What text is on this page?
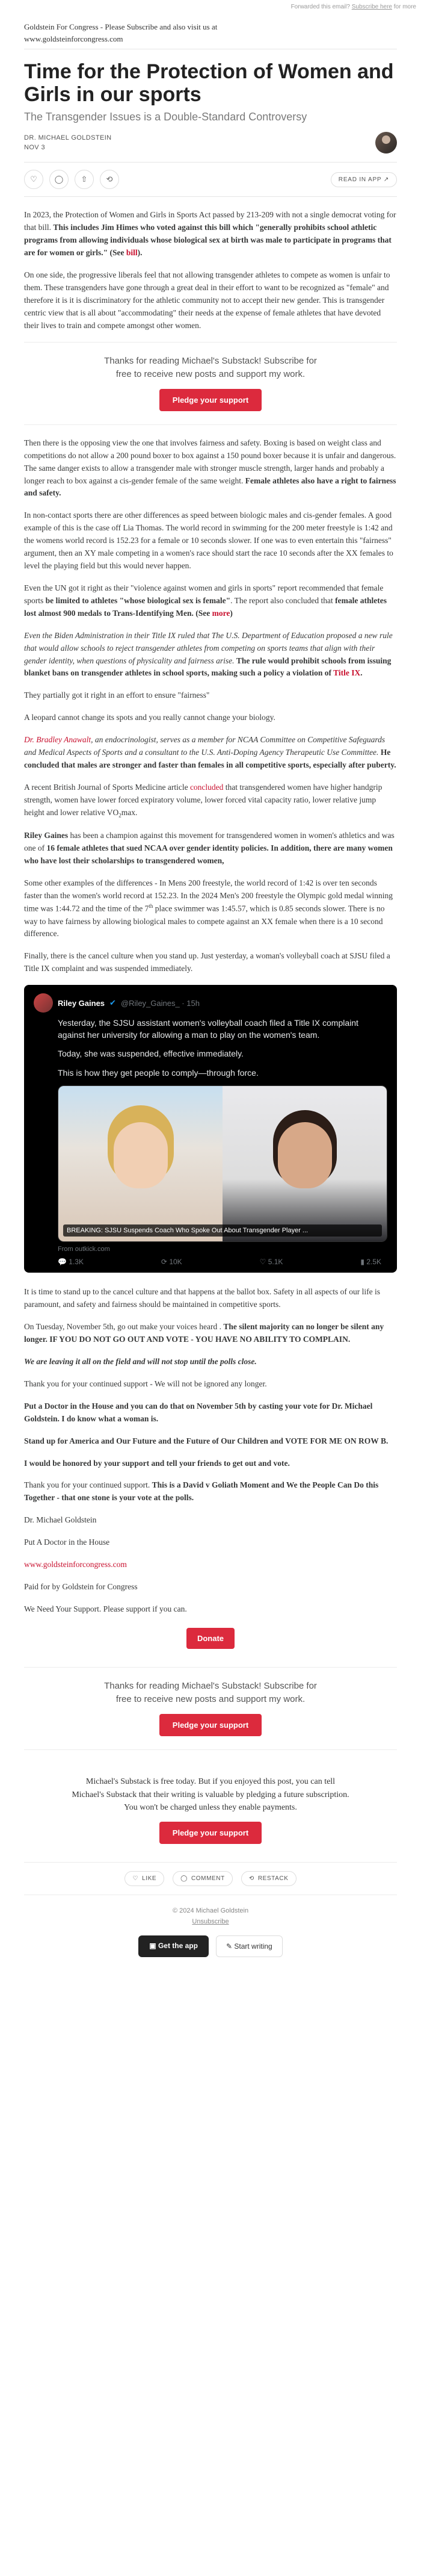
Forwarded this email? Subscribe here for more
Goldstein For Congress - Please Subscribe and also visit us at
www.goldsteinforcongress.com
Time for the Protection of Women and Girls in our sports
The Transgender Issues is a Double-Standard Controversy
DR. MICHAEL GOLDSTEIN
NOV 3
♡	◯	⇧	⟲	READ IN APP ↗

In 2023, the Protection of Women and Girls in Sports Act passed by 213-209 with not a single democrat voting for that bill. This includes Jim Himes who voted against this bill which "generally prohibits school athletic programs from allowing individuals whose biological sex at birth was male to participate in programs that are for women or girls." (See bill).

On one side, the progressive liberals feel that not allowing transgender athletes to compete as women is unfair to them. These transgenders have gone through a great deal in their effort to want to be recognized as "female" and therefore it is it is discriminatory for the athletic community not to accept their new gender. This is transgender centric view that is all about "accommodating" their needs at the expense of female athletes that have devoted their lives to train and compete amongst other women.

Thanks for reading Michael's Substack! Subscribe for free to receive new posts and support my work.
Pledge your support

Then there is the opposing view the one that involves fairness and safety. Boxing is based on weight class and competitions do not allow a 200 pound boxer to box against a 150 pound boxer because it is unfair and dangerous. The same danger exists to allow a transgender male with stronger muscle strength, larger hands and probably a longer reach to box against a cis-gender female of the same weight. Female athletes also have a right to fairness and safety.

In non-contact sports there are other differences as speed between biologic males and cis-gender females. A good example of this is the case off Lia Thomas. The world record in swimming for the 200 meter freestyle is 1:42 and the womens world record is 152.23 for a female or 10 seconds slower. If one was to even entertain this "fairness" argument, then an XY male competing in a women's race should start the race 10 seconds after the XX females to level the playing field but this would never happen.

Even the UN got it right as their "violence against women and girls in sports" report recommended that female sports be limited to athletes "whose biological sex is female". The report also concluded that female athletes lost almost 900 medals to Trans-Identifying Men. (See more)

Even the Biden Administration in their Title IX ruled that The U.S. Department of Education proposed a new rule that would allow schools to reject transgender athletes from competing on sports teams that align with their gender identity, when questions of physicality and fairness arise. The rule would prohibit schools from issuing blanket bans on transgender athletes in school sports, making such a policy a violation of Title IX.

They partially got it right in an effort to ensure "fairness"

A leopard cannot change its spots and you really cannot change your biology.

Dr. Bradley Anawalt, an endocrinologist, serves as a member for NCAA Committee on Competitive Safeguards and Medical Aspects of Sports and a consultant to the U.S. Anti-Doping Agency Therapeutic Use Committee. He concluded that males are stronger and faster than females in all competitive sports, especially after puberty.

A recent British Journal of Sports Medicine article concluded that transgendered women have higher handgrip strength, women have lower forced expiratory volume, lower forced vital capacity ratio, lower relative jump height and lower relative $VO_2\max$.

Riley Gaines has been a champion against this movement for transgendered women in women's athletics and was one of 16 female athletes that sued NCAA over gender identity policies. In addition, there are many women who have lost their scholarships to transgendered women,

Some other examples of the differences - In Mens 200 freestyle, the world record of 1:42 is over ten seconds faster than the women's world record at 152.23. In the 2024 Men's 200 freestyle the Olympic gold medal winning time was 1:44.72 and the time of the 7th place swimmer was 1:45.57, which is 0.85 seconds slower. There is no way to have fairness by allowing biological males to compete against an XX female when there is a 10 second difference.

Finally, there is the cancel culture when you stand up. Just yesterday, a woman's volleyball coach at SJSU filed a Title IX complaint and was suspended immediately.

Riley Gaines ✔ @Riley_Gaines_ · 15h
Yesterday, the SJSU assistant women's volleyball coach filed a Title IX complaint against her university for allowing a man to play on the women's team.
Today, she was suspended, effective immediately.
This is how they get people to comply—through force.
BREAKING: SJSU Suspends Coach Who Spoke Out About Transgender Player ...
From outkick.com
💬 1.3K	⟳ 10K	♡ 5.1K	▮ 2.5K

It is time to stand up to the cancel culture and that happens at the ballot box. Safety in all aspects of our life is paramount, and safety and fairness should be maintained in competitive sports.

On Tuesday, November 5th, go out make your voices heard . The silent majority can no longer be silent any longer. IF YOU DO NOT GO OUT AND VOTE - YOU HAVE NO ABILITY TO COMPLAIN.

We are leaving it all on the field and will not stop until the polls close.

Thank you for your continued support - We will not be ignored any longer.

Put a Doctor in the House and you can do that on November 5th by casting your vote for Dr. Michael Goldstein. I do know what a woman is.

Stand up for America and Our Future and the Future of Our Children and VOTE FOR ME ON ROW B.

I would be honored by your support and tell your friends to get out and vote.

Thank you for your continued support. This is a David v Goliath Moment and We the People Can Do this Together - that one stone is your vote at the polls.

Dr. Michael Goldstein

Put A Doctor in the House

www.goldsteinforcongress.com

Paid for by Goldstein for Congress

We Need Your Support. Please support if you can.

Donate
Thanks for reading Michael's Substack! Subscribe for free to receive new posts and support my work.
Pledge your support
Michael's Substack is free today. But if you enjoyed this post, you can tell Michael's Substack that their writing is valuable by pledging a future subscription. You won't be charged unless they enable payments.
Pledge your support
♡ LIKE	◯ COMMENT	⟲ RESTACK
© 2024 Michael Goldstein
Unsubscribe
▣ Get the app	✎ Start writing
